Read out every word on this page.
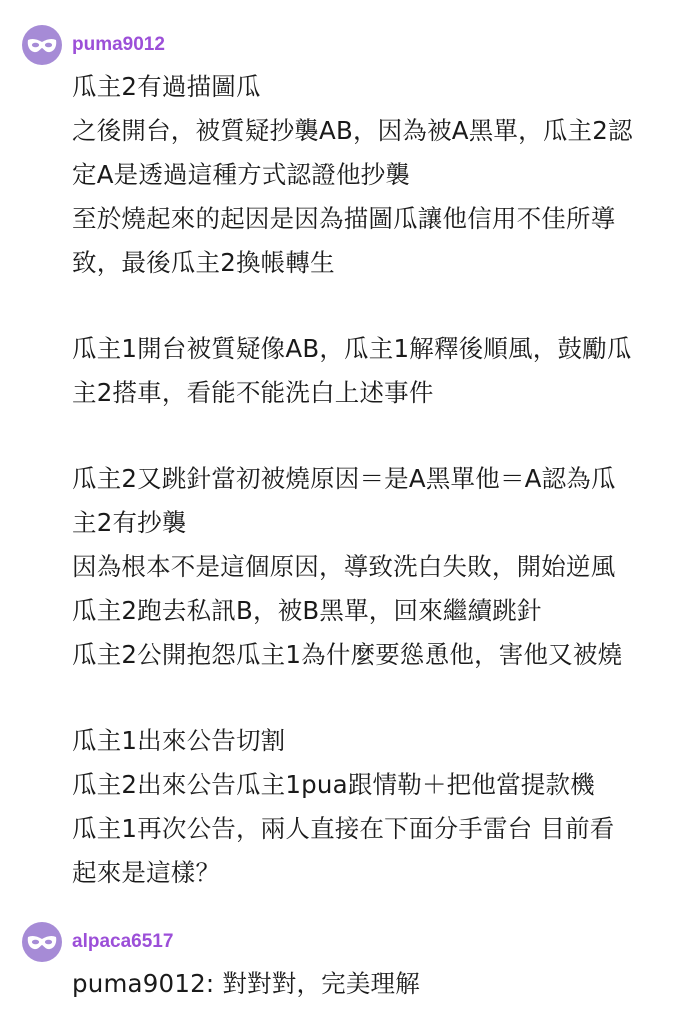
puma9012
瓜主2有過描圖瓜
之後開台，被質疑抄襲AB，因為被A黑單，瓜主2認
定A是透過這種方式認證他抄襲
至於燒起來的起因是因為描圖瓜讓他信用不佳所導
致，最後瓜主2換帳轉生
瓜主1開台被質疑像AB，瓜主1解釋後順風，鼓勵瓜
主2搭車，看能不能洗白上述事件
瓜主2又跳針當初被燒原因＝是A黑單他＝A認為瓜
主2有抄襲
因為根本不是這個原因，導致洗白失敗，開始逆風
瓜主2跑去私訊B，被B黑單，回來繼續跳針
瓜主2公開抱怨瓜主1為什麼要慫恿他，害他又被燒
瓜主1出來公告切割
瓜主2出來公告瓜主1pua跟情勒＋把他當提款機
瓜主1再次公告，兩人直接在下面分手雷台 目前看
起來是這樣？
alpaca6517
puma9012: 對對對，完美理解
